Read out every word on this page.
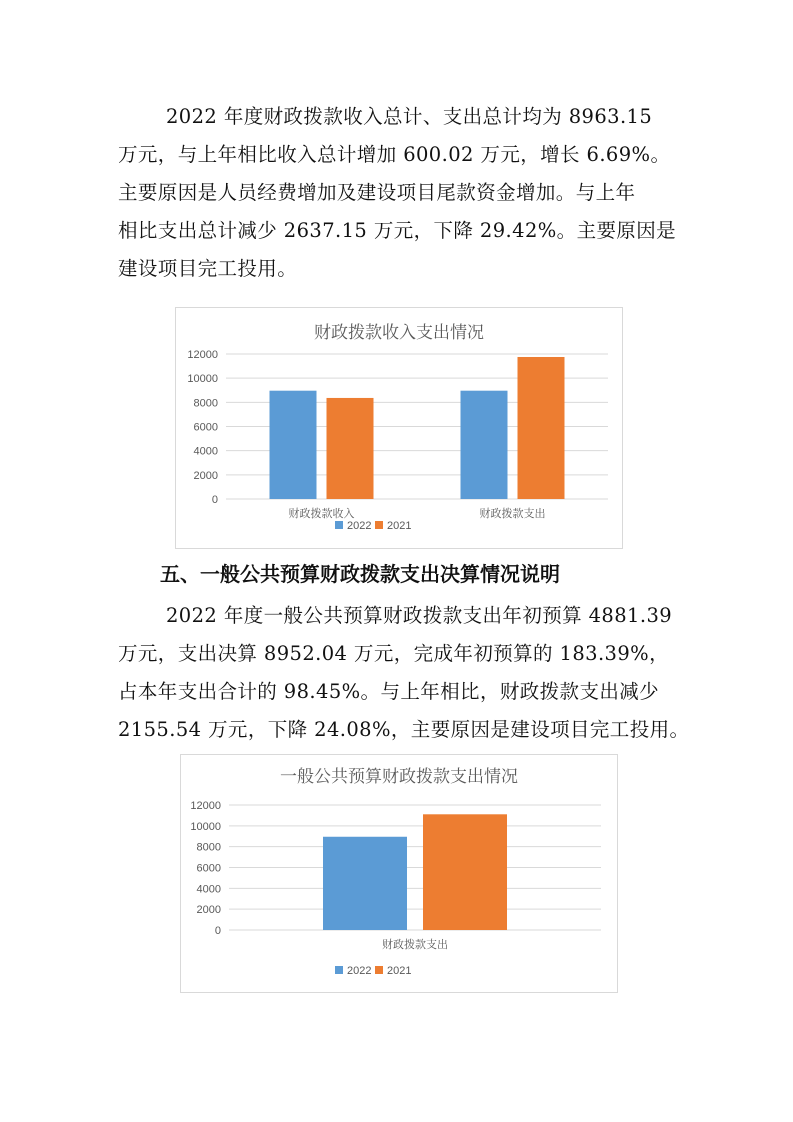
2022 年度财政拨款收入总计、支出总计均为 8963.15
万元，与上年相比收入总计增加 600.02 万元，增长 6.69%。
主要原因是人员经费增加及建设项目尾款资金增加。与上年
相比支出总计减少 2637.15 万元，下降 29.42%。主要原因是
建设项目完工投用。
财政拨款收入支出情况
0
2000
4000
6000
8000
10000
12000
财政拨款收入	财政拨款支出
2022 2021
五、一般公共预算财政拨款支出决算情况说明
2022 年度一般公共预算财政拨款支出年初预算 4881.39
万元，支出决算 8952.04 万元，完成年初预算的 183.39%，
占本年支出合计的 98.45%。与上年相比，财政拨款支出减少
2155.54 万元，下降 24.08%，主要原因是建设项目完工投用。
一般公共预算财政拨款支出情况
0
2000
4000
6000
8000
10000
12000
财政拨款支出
2022 2021
